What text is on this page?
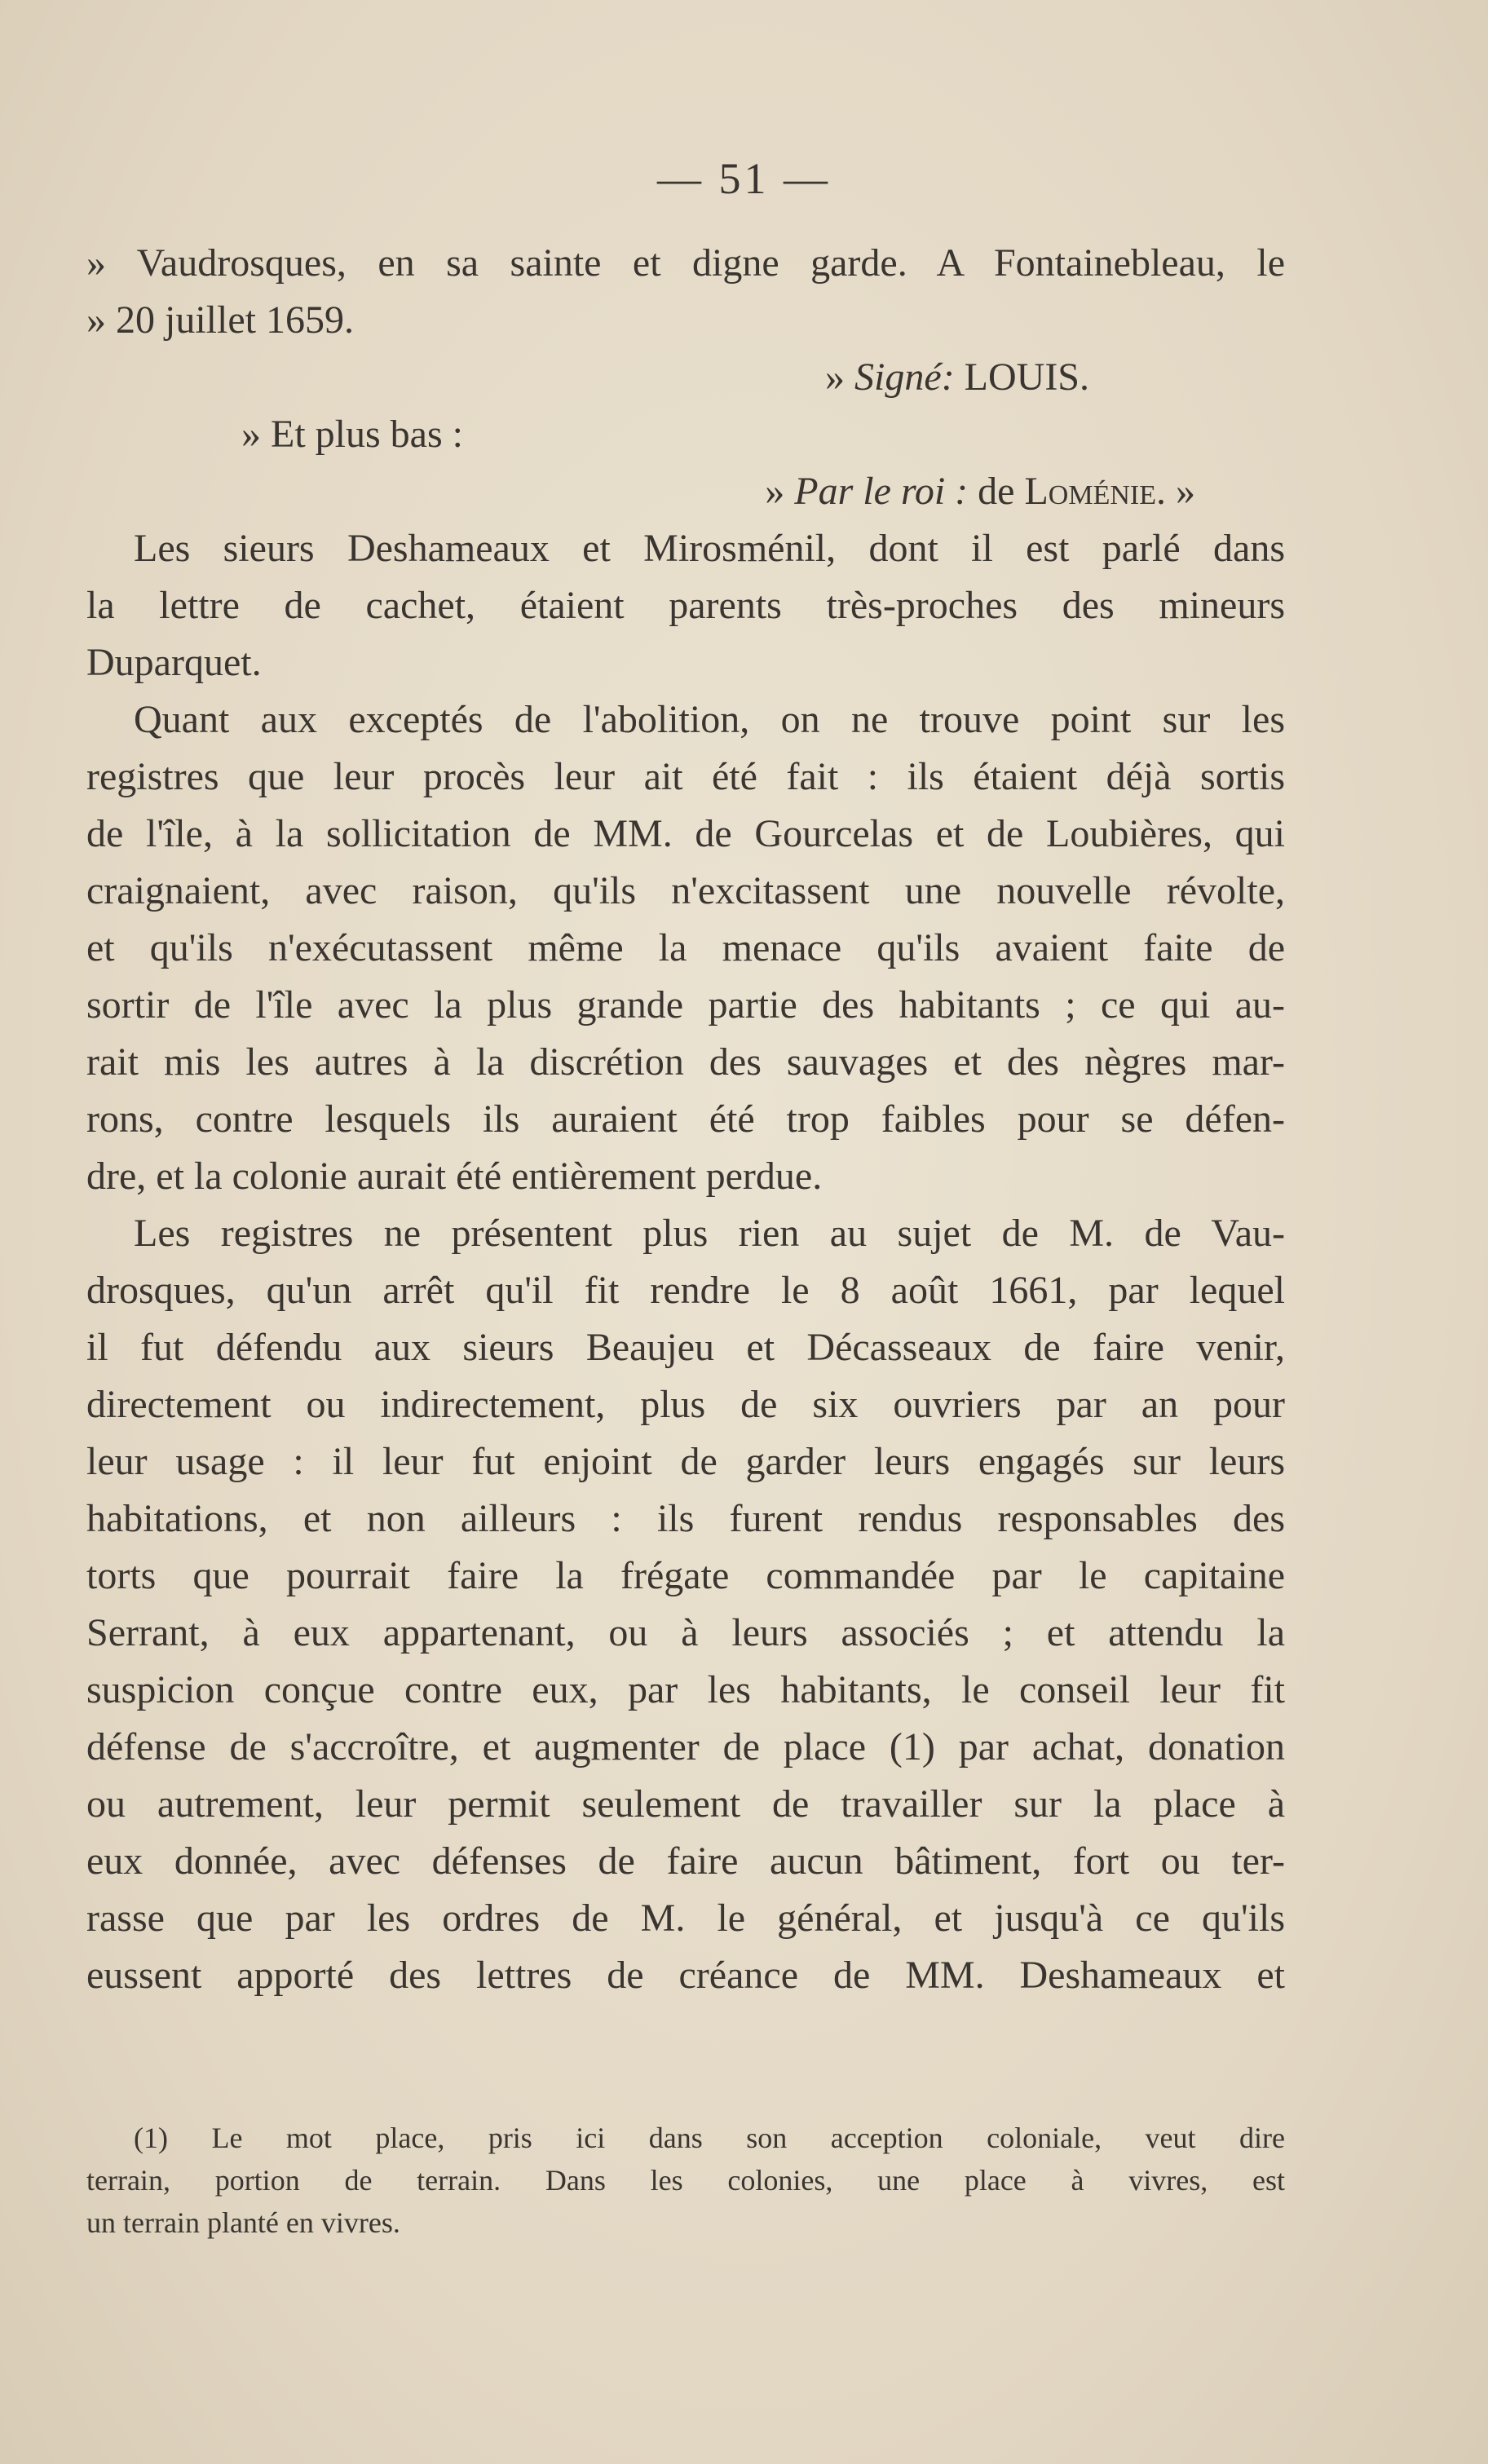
— 51 —
» Vaudrosques, en sa sainte et digne garde. A Fontainebleau, le
» 20 juillet 1659.
» Signé: LOUIS.
» Et plus bas :
» Par le roi : de Loménie. »
Les sieurs Deshameaux et Mirosménil, dont il est parlé dans
la lettre de cachet, étaient parents très-proches des mineurs
Duparquet.
Quant aux exceptés de l'abolition, on ne trouve point sur les
registres que leur procès leur ait été fait : ils étaient déjà sortis
de l'île, à la sollicitation de MM. de Gourcelas et de Loubières, qui
craignaient, avec raison, qu'ils n'excitassent une nouvelle révolte,
et qu'ils n'exécutassent même la menace qu'ils avaient faite de
sortir de l'île avec la plus grande partie des habitants ; ce qui au-
rait mis les autres à la discrétion des sauvages et des nègres mar-
rons, contre lesquels ils auraient été trop faibles pour se défen-
dre, et la colonie aurait été entièrement perdue.
Les registres ne présentent plus rien au sujet de M. de Vau-
drosques, qu'un arrêt qu'il fit rendre le 8 août 1661, par lequel
il fut défendu aux sieurs Beaujeu et Décasseaux de faire venir,
directement ou indirectement, plus de six ouvriers par an pour
leur usage : il leur fut enjoint de garder leurs engagés sur leurs
habitations, et non ailleurs : ils furent rendus responsables des
torts que pourrait faire la frégate commandée par le capitaine
Serrant, à eux appartenant, ou à leurs associés ; et attendu la
suspicion conçue contre eux, par les habitants, le conseil leur fit
défense de s'accroître, et augmenter de place (1) par achat, donation
ou autrement, leur permit seulement de travailler sur la place à
eux donnée, avec défenses de faire aucun bâtiment, fort ou ter-
rasse que par les ordres de M. le général, et jusqu'à ce qu'ils
eussent apporté des lettres de créance de MM. Deshameaux et
(1) Le mot place, pris ici dans son acception coloniale, veut dire
terrain, portion de terrain. Dans les colonies, une place à vivres, est
un terrain planté en vivres.
